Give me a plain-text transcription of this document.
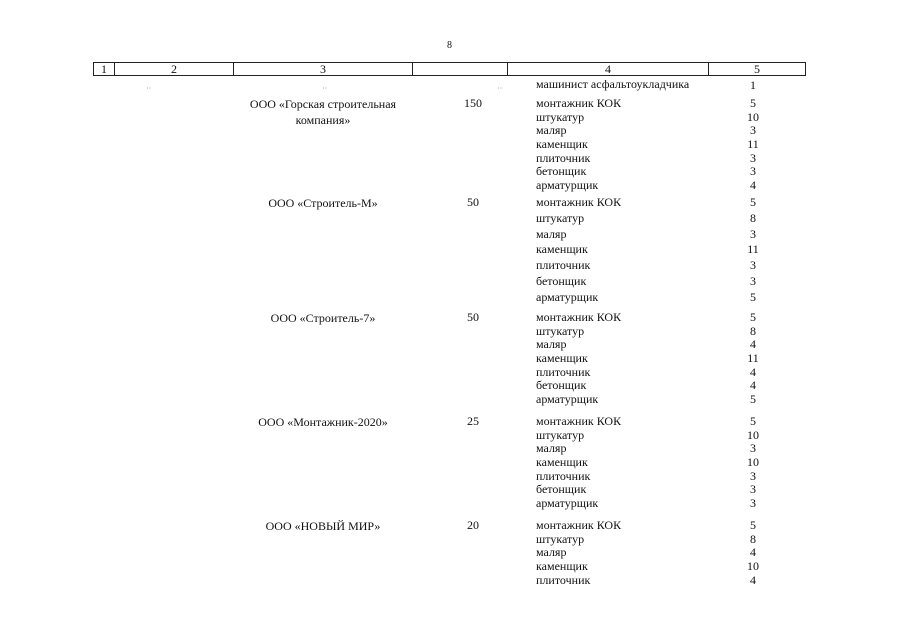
8
1	2	3	4	5
··	··	··	машинист асфальтоукладчика	1
ООО «Горская строительная
компания»
150	монтажник КОК	5
штукатур	10
маляр	3
каменщик	11
плиточник	3
бетонщик	3
арматурщик	4
ООО «Строитель-М»	50	монтажник КОК	5
штукатур	8
маляр	3
каменщик	11
плиточник	3
бетонщик	3
арматурщик	5
ООО «Строитель-7»	50	монтажник КОК	5
штукатур	8
маляр	4
каменщик	11
плиточник	4
бетонщик	4
арматурщик	5
ООО «Монтажник-2020»	25	монтажник КОК	5
штукатур	10
маляр	3
каменщик	10
плиточник	3
бетонщик	3
арматурщик	3
ООО «НОВЫЙ МИР»	20	монтажник КОК	5
штукатур	8
маляр	4
каменщик	10
плиточник	4
